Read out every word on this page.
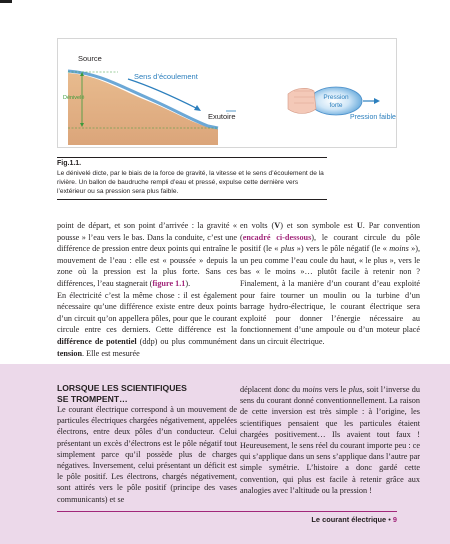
Source
Sens d’écoulement
Dénivelé
Exutoire
Pression
forte
Pression faible
Fig.1.1.
Le dénivelé dicte, par le biais de la force de gravité, la vitesse et le sens d’écoulement de la rivière. Un ballon de baudruche rempli d’eau et pressé, expulse cette dernière vers l’extérieur ou sa pression sera plus faible.
point de départ, et son point d’arrivée : la gravité « pousse » l’eau vers le bas. Dans la conduite, c’est une différence de pression entre deux points qui entraîne le mouvement de l’eau : elle est « poussée » depuis la zone où la pression est la plus forte. Sans ces différences, l’eau stagnerait (figure 1.1).
En électricité c’est la même chose : il est également nécessaire qu’une différence existe entre deux points d’un circuit qu’on appellera pôles, pour que le courant circule entre ces derniers. Cette différence est la différence de potentiel (ddp) ou plus communément tension. Elle est mesurée
en volts (V) et son symbole est U. Par convention (encadré ci-dessous), le courant circule du pôle positif (le « plus ») vers le pôle négatif (le « moins »), un peu comme l’eau coule du haut, « le plus », vers le bas « le moins »… plutôt facile à retenir non ? Finalement, à la manière d’un courant d’eau exploité pour faire tourner un moulin ou la turbine d’un barrage hydro-électrique, le courant électrique sera exploité pour donner l’énergie nécessaire au fonctionnement d’une ampoule ou d’un moteur placé dans un circuit électrique.
LORSQUE LES SCIENTIFIQUES
SE TROMPENT…
Le courant électrique correspond à un mouvement de particules électriques chargées négativement, appelées électrons, entre deux pôles d’un conducteur. Celui présentant un excès d’électrons est le pôle négatif tout simplement parce qu’il possède plus de charges négatives. Inversement, celui présentant un déficit est le pôle positif. Les électrons, chargés négativement, sont attirés vers le pôle positif (principe des vases communicants) et se
déplacent donc du moins vers le plus, soit l’inverse du sens du courant donné conventionnellement. La raison de cette inversion est très simple : à l’origine, les scientifiques pensaient que les particules étaient chargées positivement… Ils avaient tout faux ! Heureusement, le sens réel du courant importe peu : ce qui s’applique dans un sens s’applique dans l’autre par simple symétrie. L’histoire a donc gardé cette convention, qui plus est facile à retenir grâce aux analogies avec l’altitude ou la pression !
Le courant électrique • 9
